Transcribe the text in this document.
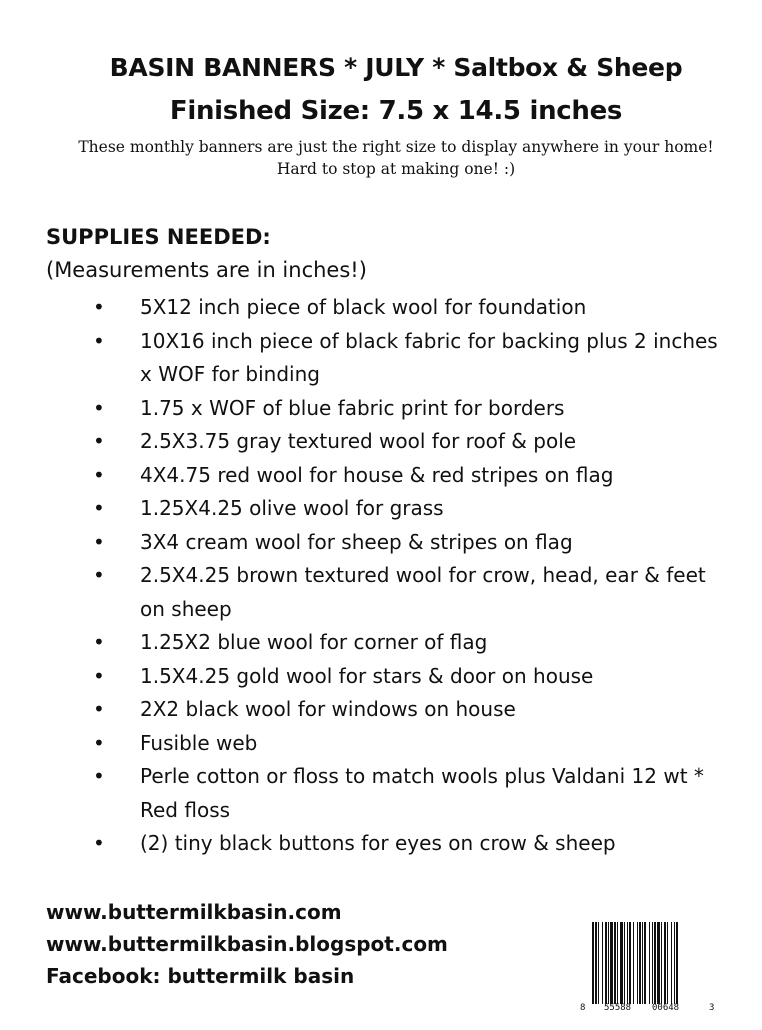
BASIN BANNERS * JULY * Saltbox & Sheep
Finished Size: 7.5 x 14.5 inches
These monthly banners are just the right size to display anywhere in your home! Hard to stop at making one! :)
SUPPLIES NEEDED:
(Measurements are in inches!)
• 5X12 inch piece of black wool for foundation
• 10X16 inch piece of black fabric for backing plus 2 inches x WOF for binding
• 1.75 x WOF of blue fabric print for borders
• 2.5X3.75 gray textured wool for roof & pole
• 4X4.75 red wool for house & red stripes on flag
• 1.25X4.25 olive wool for grass
• 3X4 cream wool for sheep & stripes on flag
• 2.5X4.25 brown textured wool for crow, head, ear & feet on sheep
• 1.25X2 blue wool for corner of flag
• 1.5X4.25 gold wool for stars & door on house
• 2X2 black wool for windows on house
• Fusible web
• Perle cotton or floss to match wools plus Valdani 12 wt * Red floss
• (2) tiny black buttons for eyes on crow & sheep
www.buttermilkbasin.com
www.buttermilkbasin.blogspot.com
Facebook: buttermilk basin
8 55588 00648	3
